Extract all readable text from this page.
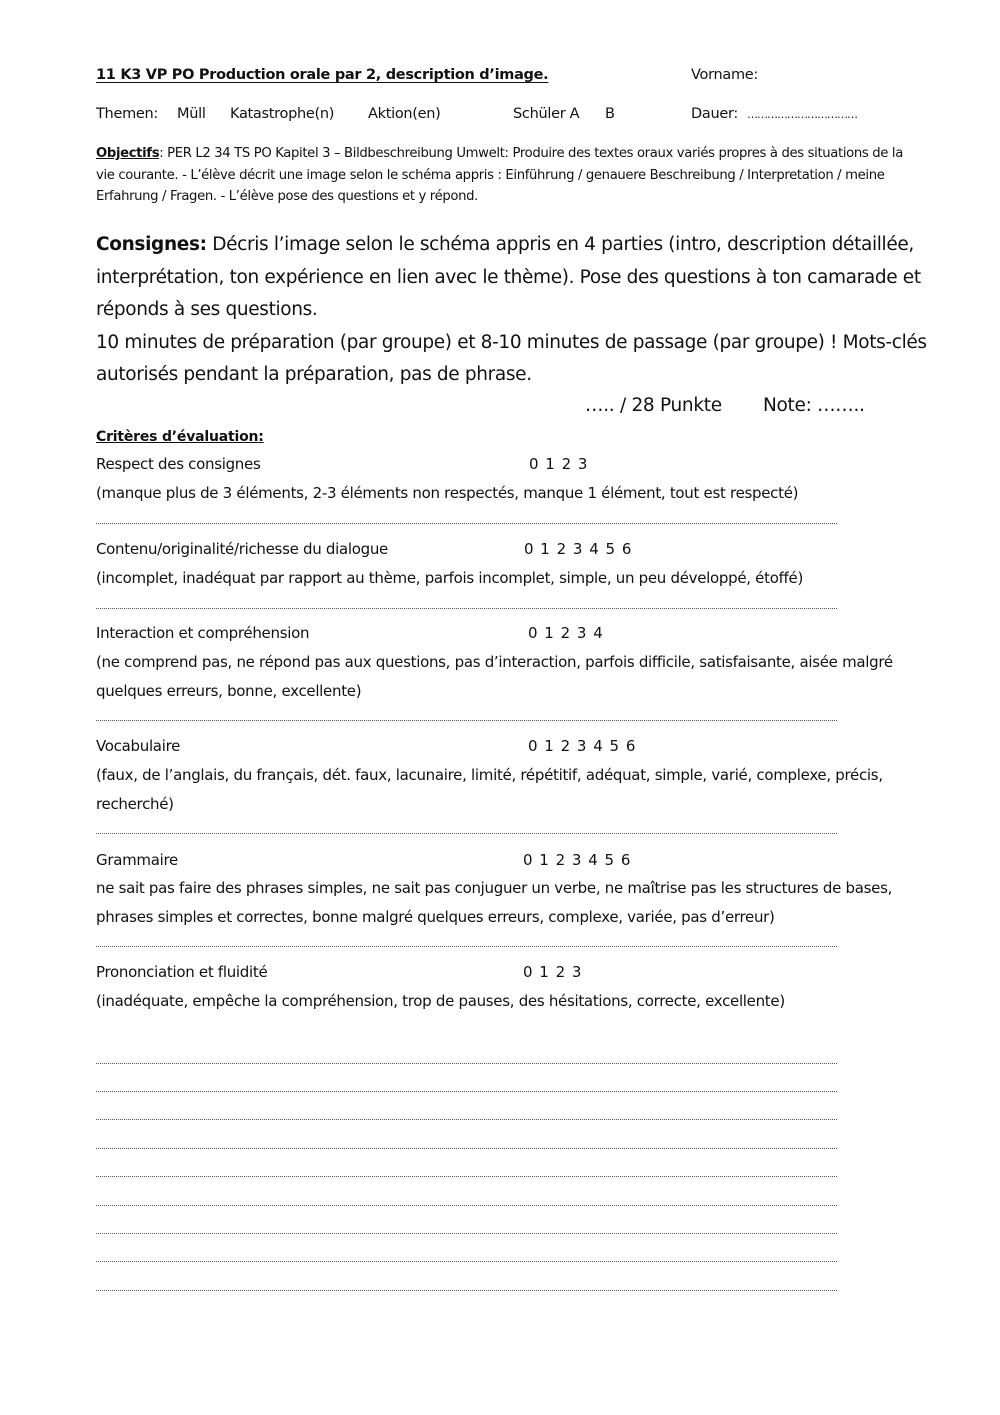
11 K3 VP PO Production orale par 2, description d’image.	Vorname:
Themen: Müll Katastrophe(n) Aktion(en)	Schüler A B	Dauer: ……………………………
Objectifs: PER L2 34 TS PO Kapitel 3 – Bildbeschreibung Umwelt: Produire des textes oraux variés propres à des situations de la vie courante. - L’élève décrit une image selon le schéma appris : Einführung / genauere Beschreibung / Interpretation / meine Erfahrung / Fragen. - L’élève pose des questions et y répond.

Consignes: Décris l’image selon le schéma appris en 4 parties (intro, description détaillée, interprétation, ton expérience en lien avec le thème). Pose des questions à ton camarade et réponds à ses questions.

10 minutes de préparation (par groupe) et 8-10 minutes de passage (par groupe) ! Mots-clés autorisés pendant la préparation, pas de phrase.

….. / 28 Punkte Note: ……..
Critères d’évaluation:
Respect des consignes	0 1 2 3
(manque plus de 3 éléments, 2-3 éléments non respectés, manque 1 élément, tout est respecté)
Contenu/originalité/richesse du dialogue	0 1 2 3 4 5 6
(incomplet, inadéquat par rapport au thème, parfois incomplet, simple, un peu développé, étoffé)
Interaction et compréhension	0 1 2 3 4
(ne comprend pas, ne répond pas aux questions, pas d’interaction, parfois difficile, satisfaisante, aisée malgré quelques erreurs, bonne, excellente)
Vocabulaire	0 1 2 3 4 5 6
(faux, de l’anglais, du français, dét. faux, lacunaire, limité, répétitif, adéquat, simple, varié, complexe, précis, recherché)
Grammaire	0 1 2 3 4 5 6
ne sait pas faire des phrases simples, ne sait pas conjuguer un verbe, ne maîtrise pas les structures de bases, phrases simples et correctes, bonne malgré quelques erreurs, complexe, variée, pas d’erreur)
Prononciation et fluidité	0 1 2 3
(inadéquate, empêche la compréhension, trop de pauses, des hésitations, correcte, excellente)
